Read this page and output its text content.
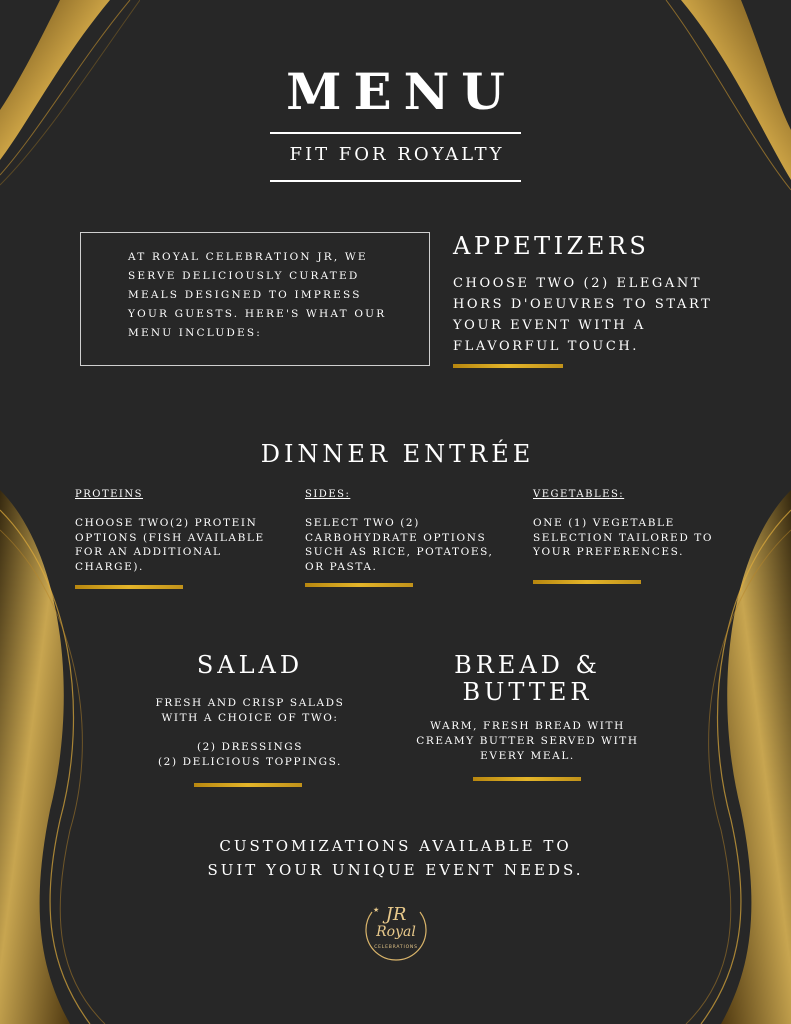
MENU
FIT FOR ROYALTY
AT ROYAL CELEBRATION JR, WE SERVE DELICIOUSLY CURATED MEALS DESIGNED TO IMPRESS YOUR GUESTS. HERE'S WHAT OUR MENU INCLUDES:
APPETIZERS
CHOOSE TWO (2) ELEGANT HORS D'OEUVRES TO START YOUR EVENT WITH A FLAVORFUL TOUCH.
DINNER ENTRÉE
PROTEINS
CHOOSE TWO(2) PROTEIN OPTIONS (FISH AVAILABLE FOR AN ADDITIONAL CHARGE).
SIDES:
SELECT TWO (2) CARBOHYDRATE OPTIONS SUCH AS RICE, POTATOES, OR PASTA.
VEGETABLES:
ONE (1) VEGETABLE SELECTION TAILORED TO YOUR PREFERENCES.
SALAD
FRESH AND CRISP SALADS
WITH A CHOICE OF TWO:
(2) DRESSINGS
(2) DELICIOUS TOPPINGS.
BREAD &
BUTTER
WARM, FRESH BREAD WITH
CREAMY BUTTER SERVED WITH
EVERY MEAL.
CUSTOMIZATIONS AVAILABLE TO
SUIT YOUR UNIQUE EVENT NEEDS.
★ JR
Royal
CELEBRATIONS
